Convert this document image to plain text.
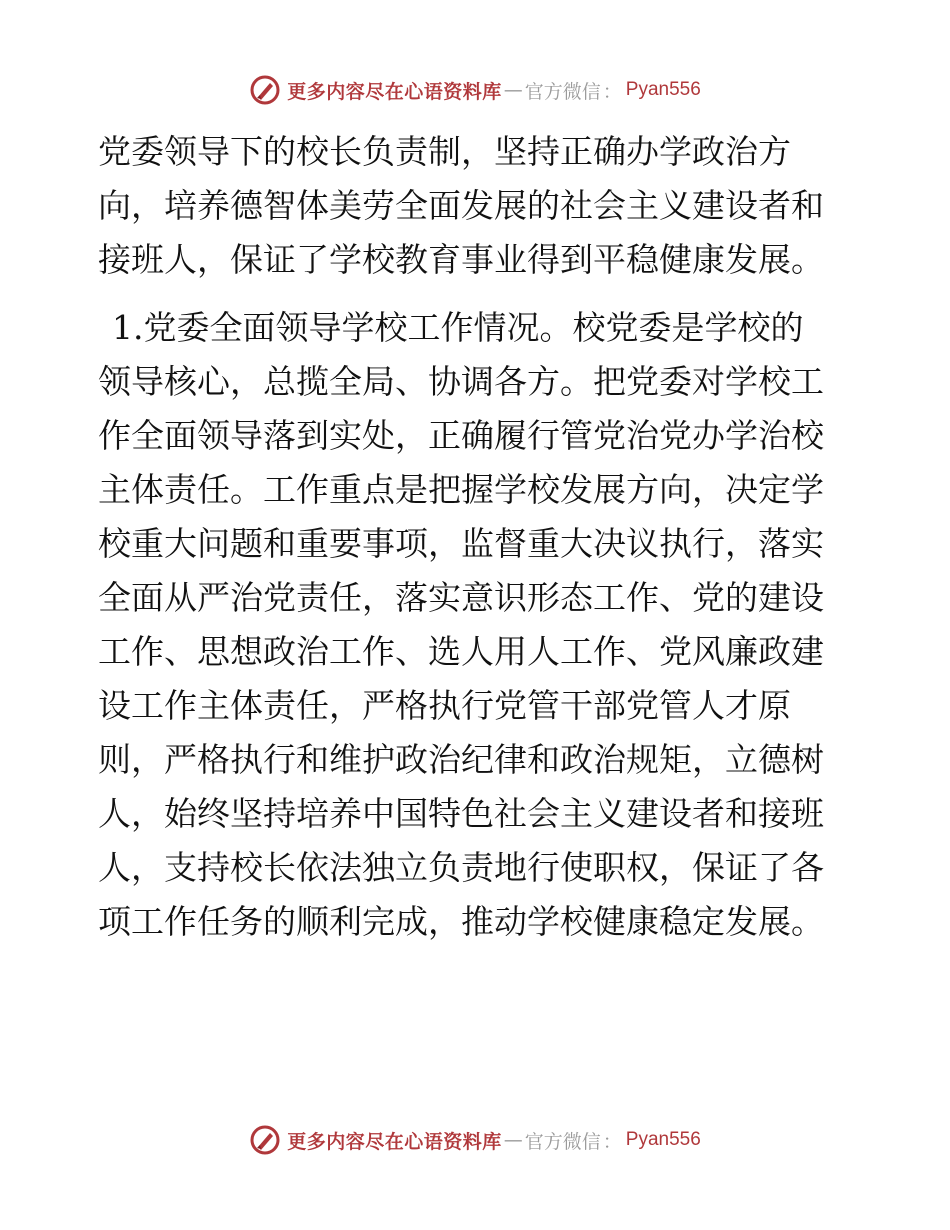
更多内容尽在心语资料库 — 官方微信 ： Pyan556
党委领导下的校长负责制，坚持正确办学政治方
向，培养德智体美劳全面发展的社会主义建设者和
接班人，保证了学校教育事业得到平稳健康发展。
1.党委全面领导学校工作情况。校党委是学校的
领导核心，总揽全局、协调各方。把党委对学校工
作全面领导落到实处，正确履行管党治党办学治校
主体责任。工作重点是把握学校发展方向，决定学
校重大问题和重要事项，监督重大决议执行，落实
全面从严治党责任，落实意识形态工作、党的建设
工作、思想政治工作、选人用人工作、党风廉政建
设工作主体责任，严格执行党管干部党管人才原
则，严格执行和维护政治纪律和政治规矩，立德树
人，始终坚持培养中国特色社会主义建设者和接班
人，支持校长依法独立负责地行使职权，保证了各
项工作任务的顺利完成，推动学校健康稳定发展。
更多内容尽在心语资料库 — 官方微信 ： Pyan556
